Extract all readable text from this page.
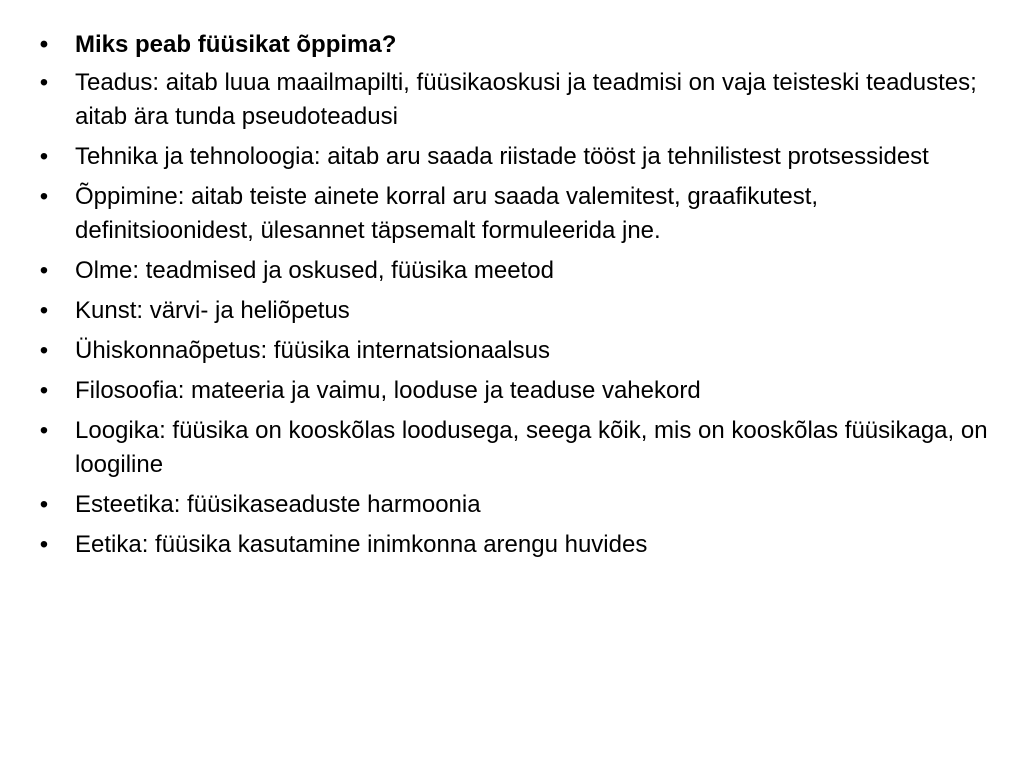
• Miks peab füüsikat õppima?
• Teadus: aitab luua maailmapilti, füüsikaoskusi ja teadmisi on vaja teisteski teadustes; aitab ära tunda pseudoteadusi
• Tehnika ja tehnoloogia: aitab aru saada riistade tööst ja tehnilistest protsessidest
• Õppimine: aitab teiste ainete korral aru saada valemitest, graafikutest, definitsioonidest, ülesannet täpsemalt formuleerida jne.
• Olme: teadmised ja oskused, füüsika meetod
• Kunst: värvi- ja heliõpetus
• Ühiskonnaõpetus: füüsika internatsionaalsus
• Filosoofia: mateeria ja vaimu, looduse ja teaduse vahekord
• Loogika: füüsika on kooskõlas loodusega, seega kõik, mis on kooskõlas füüsikaga, on loogiline
• Esteetika: füüsikaseaduste harmoonia
• Eetika: füüsika kasutamine inimkonna arengu huvides
